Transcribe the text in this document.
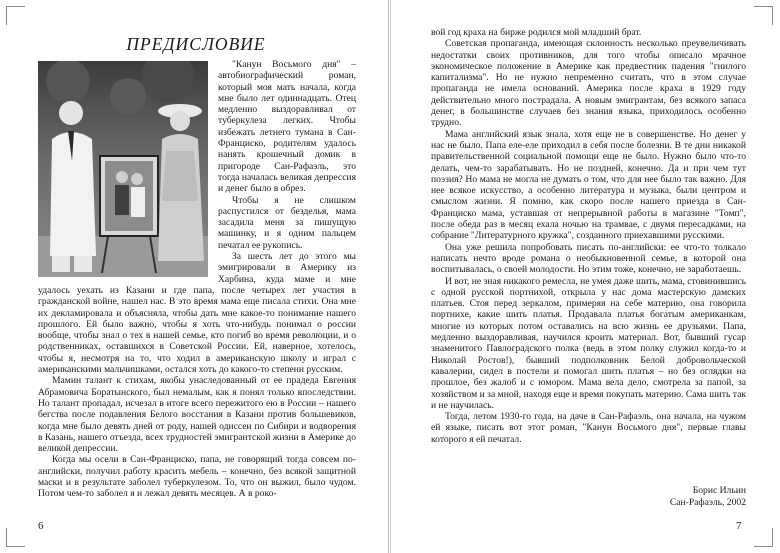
ПРЕДИСЛОВИЕ

"Канун Восьмого дня" – автобиографический роман, который моя мать начала, когда мне было лет одиннадцать. Отец медленно выздоравливал от туберкулеза легких. Чтобы избежать летнего тумана в Сан-Франциско, родителям удалось нанять крошечный домик в пригороде Сан-Рафаэль, это тогда началась великая депрессия и денег было в обрез.

Чтобы я не слишком распустился от безделья, мама засадила меня за пишущую машинку, и я одним пальцем печатал ее рукопись.

За шесть лет до этого мы эмигрировали в Америку из Харбина, куда маме и мне удалось уехать из Казани и где папа, после четырех лет участия в гражданской войне, нашел нас. В это время мама еще писала стихи. Она мне их декламировала и объясняла, чтобы дать мне какое-то понимание нашего прошлого. Ей было важно, чтобы я хоть что-нибудь понимал о россии вообще, чтобы знал о тех в нашей семье, кто погиб во время революции, и о родственниках, оставшихся в Советской России. Ей, наверное, хотелось, чтобы я, несмотря на то, что ходил в американскую школу и играл с американскими мальчишками, остался хоть до какого-то степени русским.

Мамин талант к стихам, якобы унаследованный от ее прадеда Евгения Абрамовича Боратынского, был немалым, как я понял только впоследствии. Но талант пропадал, исчезал в итоге всего пережитого ею в России – нашего бегства после подавления Белого восстания в Казани против большевиков, когда мне было девять дней от роду, нашей одиссеи по Сибири и водворения в Казань, нашего отъезда, всех трудностей эмигрантской жизни в Америке до великой депрессии.

Когда мы осели в Сан-Франциско, папа, не говорящий тогда совсем по-английски, получил работу красить мебель – конечно, без всякой защитной маски и в результате заболел туберкулезом. То, что он выжил, было чудом. Потом чем-то заболел я и лежал девять месяцев. А в роко-

6

вой год краха на бирже родился мой младший брат.

Советская пропаганда, имеющая склонность несколько преувеличивать недостатки своих противников, для того чтобы описало мрачное экономическое положение в Америке как предвестник падения "гнилого капитализма". Но не нужно непременно считать, что в этом случае пропаганда не имела оснований. Америка после краха в 1929 году действительно много пострадала. А новым эмигрантам, без всякого запаса денег, в большинстве случаев без знания языка, приходилось особенно трудно.

Мама английский язык знала, хотя еще не в совершенстве. Но денег у нас не было. Папа еле-еле приходил в себя после болезни. В те дни никакой правительственной социальной помощи еще не было. Нужно было что-то делать, чем-то зарабатывать. Но не поздней, конечно. Да и при чем тут поэзия? Но мама не могла не думать о том, что для нее было так важно. Для нее всякое искусство, а особенно литература и музыка, были центром и смыслом жизни. Я помню, как скоро после нашего приезда в Сан-Франциско мама, уставшая от непрерывной работы в магазине "Томп", после обеда раз в месяц ехала ночью на трамвае, с двумя пересадками, на собрание "Литературного кружка", созданного приехавшими русскими.

Она уже решила попробовать писать по-английски: ее что-то толкало написать нечто вроде романа о необыкновенной семье, в которой она воспитывалась, о своей молодости. Но этим тоже, конечно, не заработаешь.

И вот, не зная никакого ремесла, не умея даже шить, мама, стовинившись с одной русской портнихой, открыла у нас дома мастерскую дамских платьев. Стоя перед зеркалом, примеряя на себе материю, она говорила портнихе, какие шить платья. Продавала платья богатым американкам, многие из которых потом оставались на всю жизнь ее друзьями. Папа, медленно выздоравливая, научился кроить материал. Вот, бывший гусар знаменитого Павлоградского полка (ведь в этом полку служил когда-то и Николай Ростов!), бывший подполковник Белой добровольческой кавалерии, сидел в постели и помогал шить платья – но без оглядки на прошлое, без жалоб и с юмором. Мама вела дело, смотрела за папой, за хозяйством и за мной, находя еще и время покупать материю. Сама шить так и не научилась.

Тогда, летом 1930-го года, на даче в Сан-Рафаэль, она начала, на чужом ей языке, писать вот этот роман, "Канун Восьмого дня", первые главы которого я ей печатал.

Борис Ильин
Сан-Рафаэль, 2002
7
